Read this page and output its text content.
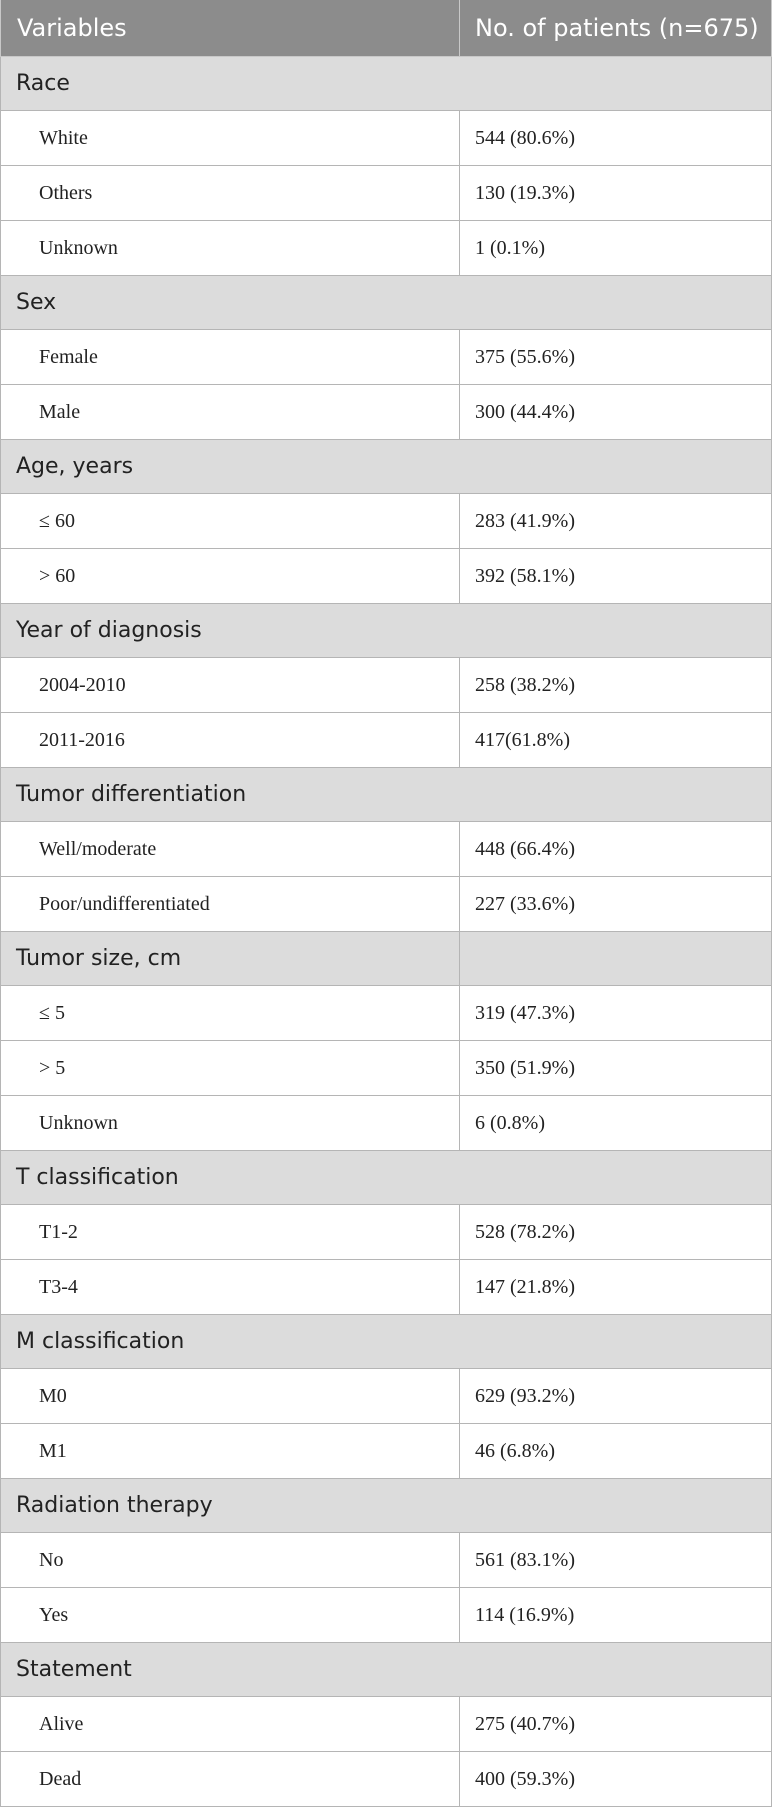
Variables	No. of patients (n=675)
Race	
White	544 (80.6%)
Others	130 (19.3%)
Unknown	1 (0.1%)
Sex	
Female	375 (55.6%)
Male	300 (44.4%)
Age, years	
≤ 60	283 (41.9%)
> 60	392 (58.1%)
Year of diagnosis	
2004-2010	258 (38.2%)
2011-2016	417(61.8%)
Tumor differentiation	
Well/moderate	448 (66.4%)
Poor/undifferentiated	227 (33.6%)
Tumor size, cm	
≤ 5	319 (47.3%)
> 5	350 (51.9%)
Unknown	6 (0.8%)
T classification	
T1-2	528 (78.2%)
T3-4	147 (21.8%)
M classification	
M0	629 (93.2%)
M1	46 (6.8%)
Radiation therapy	
No	561 (83.1%)
Yes	114 (16.9%)
Statement	
Alive	275 (40.7%)
Dead	400 (59.3%)
